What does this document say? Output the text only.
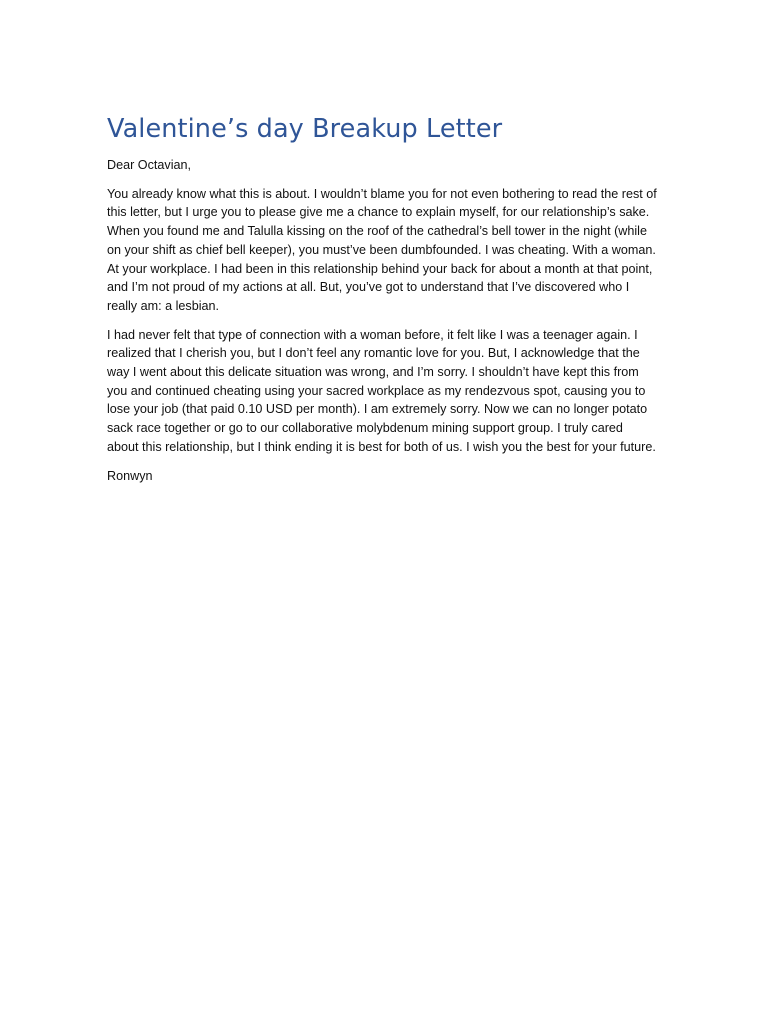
Valentine’s day Breakup Letter

Dear Octavian,

You already know what this is about. I wouldn’t blame you for not even bothering to read the rest of this letter, but I urge you to please give me a chance to explain myself, for our relationship’s sake. When you found me and Talulla kissing on the roof of the cathedral’s bell tower in the night (while on your shift as chief bell keeper), you must’ve been dumbfounded. I was cheating. With a woman. At your workplace. I had been in this relationship behind your back for about a month at that point, and I’m not proud of my actions at all. But, you’ve got to understand that I’ve discovered who I really am: a lesbian.

I had never felt that type of connection with a woman before, it felt like I was a teenager again. I realized that I cherish you, but I don’t feel any romantic love for you. But, I acknowledge that the way I went about this delicate situation was wrong, and I’m sorry. I shouldn’t have kept this from you and continued cheating using your sacred workplace as my rendezvous spot, causing you to lose your job (that paid 0.10 USD per month). I am extremely sorry. Now we can no longer potato sack race together or go to our collaborative molybdenum mining support group. I truly cared about this relationship, but I think ending it is best for both of us. I wish you the best for your future.

Ronwyn
